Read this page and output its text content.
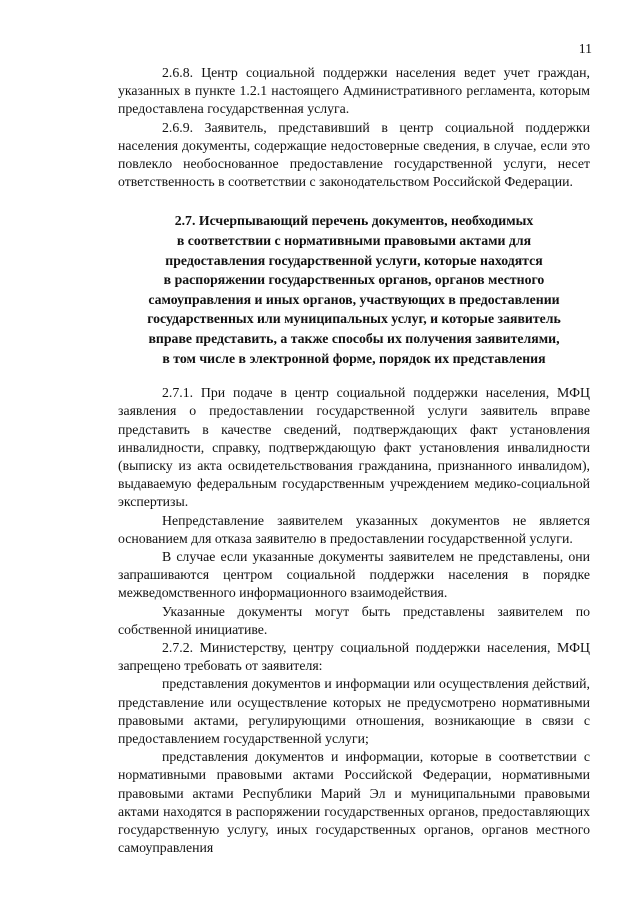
11

2.6.8. Центр социальной поддержки населения ведет учет граждан, указанных в пункте 1.2.1 настоящего Административного регламента, которым предоставлена государственная услуга.

2.6.9. Заявитель, представивший в центр социальной поддержки населения документы, содержащие недостоверные сведения, в случае, если это повлекло необоснованное предоставление государственной услуги, несет ответственность в соответствии с законодательством Российской Федерации.

2.7. Исчерпывающий перечень документов, необходимых
в соответствии с нормативными правовыми актами для
предоставления государственной услуги, которые находятся
в распоряжении государственных органов, органов местного
самоуправления и иных органов, участвующих в предоставлении
государственных или муниципальных услуг, и которые заявитель
вправе представить, а также способы их получения заявителями,
в том числе в электронной форме, порядок их представления

2.7.1. При подаче в центр социальной поддержки населения, МФЦ заявления о предоставлении государственной услуги заявитель вправе представить в качестве сведений, подтверждающих факт установления инвалидности, справку, подтверждающую факт установления инвалидности (выписку из акта освидетельствования гражданина, признанного инвалидом), выдаваемую федеральным государственным учреждением медико-социальной экспертизы.

Непредставление заявителем указанных документов не является основанием для отказа заявителю в предоставлении государственной услуги.

В случае если указанные документы заявителем не представлены, они запрашиваются центром социальной поддержки населения в порядке межведомственного информационного взаимодействия.

Указанные документы могут быть представлены заявителем по собственной инициативе.

2.7.2. Министерству, центру социальной поддержки населения, МФЦ запрещено требовать от заявителя:

представления документов и информации или осуществления действий, представление или осуществление которых не предусмотрено нормативными правовыми актами, регулирующими отношения, возникающие в связи с предоставлением государственной услуги;

представления документов и информации, которые в соответствии с нормативными правовыми актами Российской Федерации, нормативными правовыми актами Республики Марий Эл и муниципальными правовыми актами находятся в распоряжении государственных органов, предоставляющих государственную услугу, иных государственных органов, органов местного самоуправления
